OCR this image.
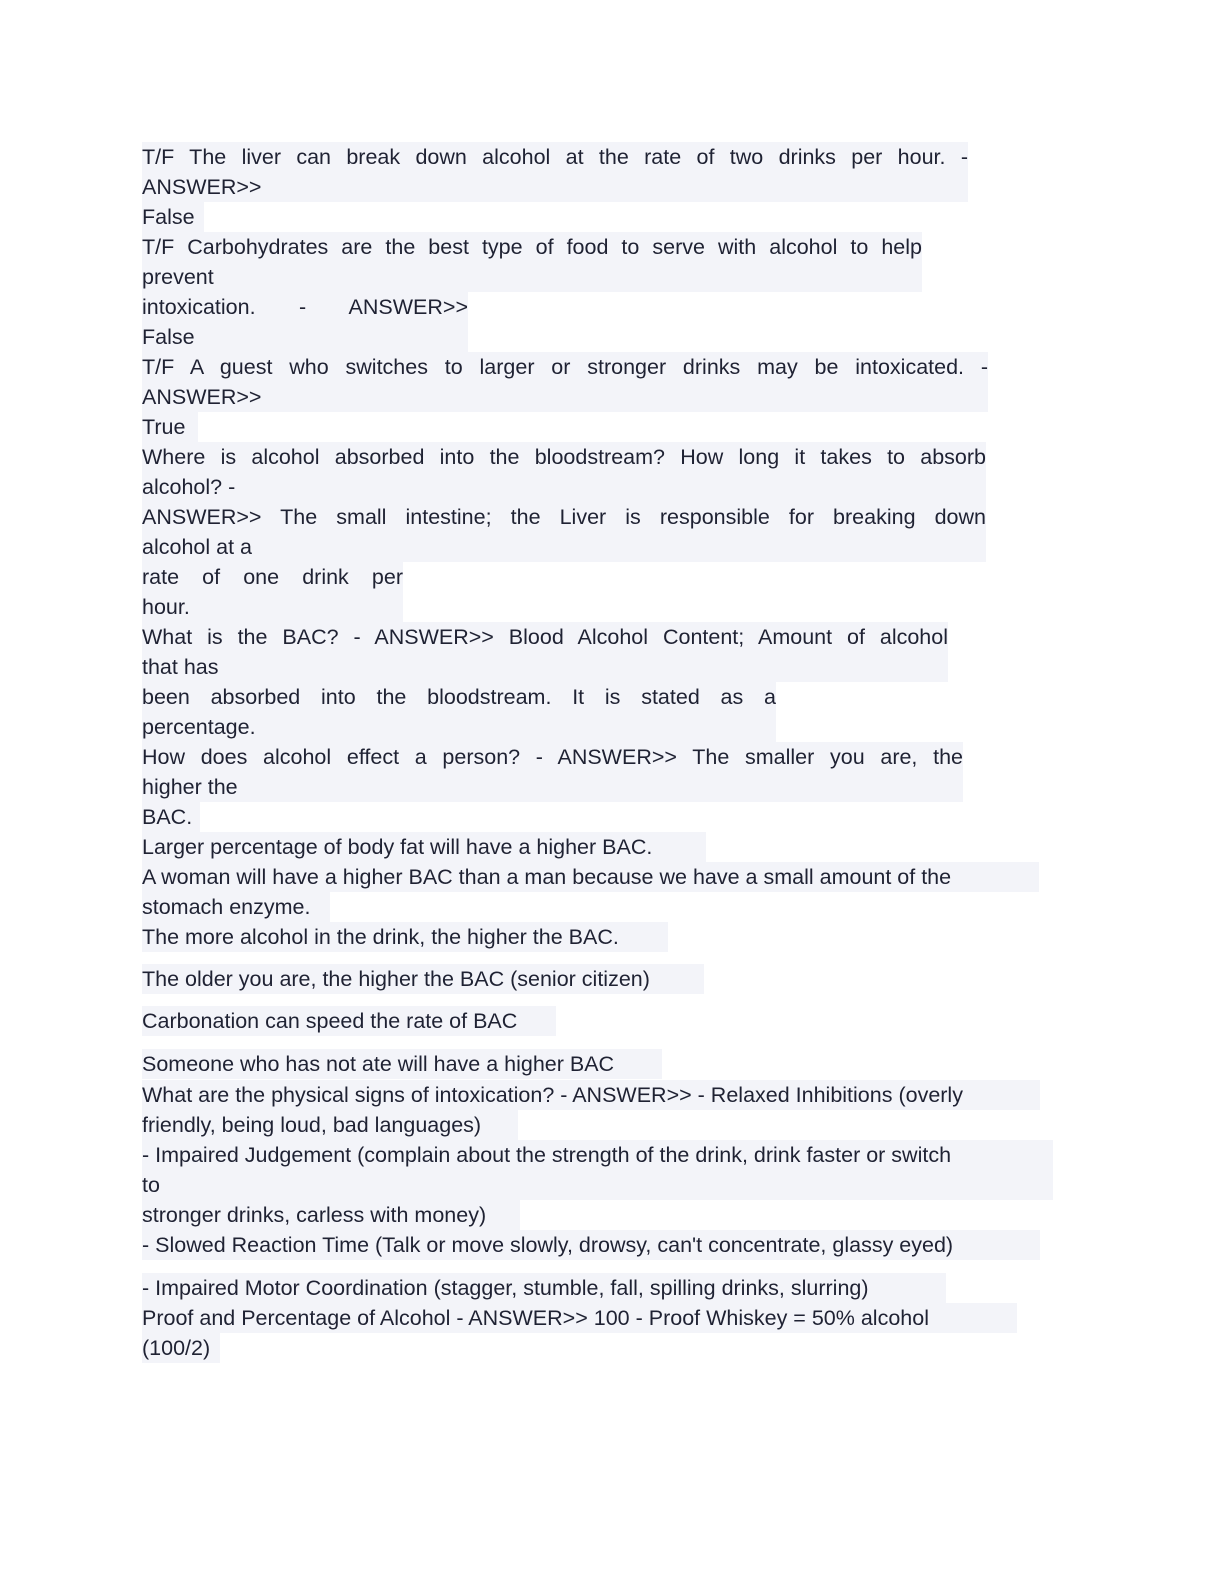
T/F The liver can break down alcohol at the rate of two drinks per hour. -
ANSWER>>
False
T/F Carbohydrates are the best type of food to serve with alcohol to help
prevent
intoxication. - ANSWER>>
False
T/F A guest who switches to larger or stronger drinks may be intoxicated. -
ANSWER>>
True
Where is alcohol absorbed into the bloodstream? How long it takes to absorb
alcohol? -
ANSWER>> The small intestine; the Liver is responsible for breaking down
alcohol at a
rate of one drink per
hour.
What is the BAC? - ANSWER>> Blood Alcohol Content; Amount of alcohol
that has
been absorbed into the bloodstream. It is stated as a
percentage.
How does alcohol effect a person? - ANSWER>> The smaller you are, the
higher the
BAC.
Larger percentage of body fat will have a higher BAC.
A woman will have a higher BAC than a man because we have a small amount of the
stomach enzyme.
The more alcohol in the drink, the higher the BAC.
The older you are, the higher the BAC (senior citizen)
Carbonation can speed the rate of BAC
Someone who has not ate will have a higher BAC
What are the physical signs of intoxication? - ANSWER>> - Relaxed Inhibitions (overly
friendly, being loud, bad languages)
- Impaired Judgement (complain about the strength of the drink, drink faster or switch
to
stronger drinks, carless with money)
- Slowed Reaction Time (Talk or move slowly, drowsy, can't concentrate, glassy eyed)
- Impaired Motor Coordination (stagger, stumble, fall, spilling drinks, slurring)
Proof and Percentage of Alcohol - ANSWER>> 100 - Proof Whiskey = 50% alcohol
(100/2)
